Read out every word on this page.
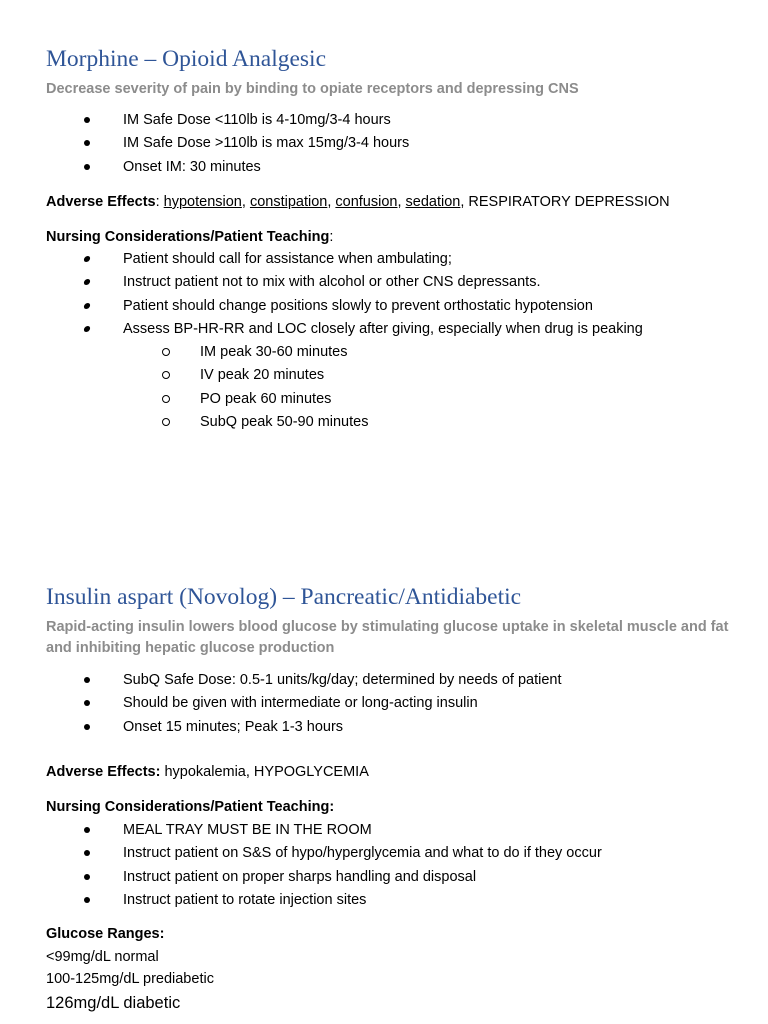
Morphine – Opioid Analgesic

Decrease severity of pain by binding to opiate receptors and depressing CNS

IM Safe Dose <110lb is 4-10mg/3-4 hours
IM Safe Dose >110lb is max 15mg/3-4 hours
Onset IM: 30 minutes

Adverse Effects: hypotension, constipation, confusion, sedation, RESPIRATORY DEPRESSION

Nursing Considerations/Patient Teaching:

Patient should call for assistance when ambulating;
Instruct patient not to mix with alcohol or other CNS depressants.
Patient should change positions slowly to prevent orthostatic hypotension
Assess BP-HR-RR and LOC closely after giving, especially when drug is peaking
IM peak 30-60 minutes
IV peak 20 minutes
PO peak 60 minutes
SubQ peak 50-90 minutes
Insulin aspart (Novolog) – Pancreatic/Antidiabetic

Rapid-acting insulin lowers blood glucose by stimulating glucose uptake in skeletal muscle and fat and inhibiting hepatic glucose production

SubQ Safe Dose: 0.5-1 units/kg/day; determined by needs of patient
Should be given with intermediate or long-acting insulin
Onset 15 minutes; Peak 1-3 hours

Adverse Effects: hypokalemia, HYPOGLYCEMIA

Nursing Considerations/Patient Teaching:

MEAL TRAY MUST BE IN THE ROOM
Instruct patient on S&S of hypo/hyperglycemia and what to do if they occur
Instruct patient on proper sharps handling and disposal
Instruct patient to rotate injection sites

Glucose Ranges:

<99mg/dL normal

100-125mg/dL prediabetic

126mg/dL diabetic
